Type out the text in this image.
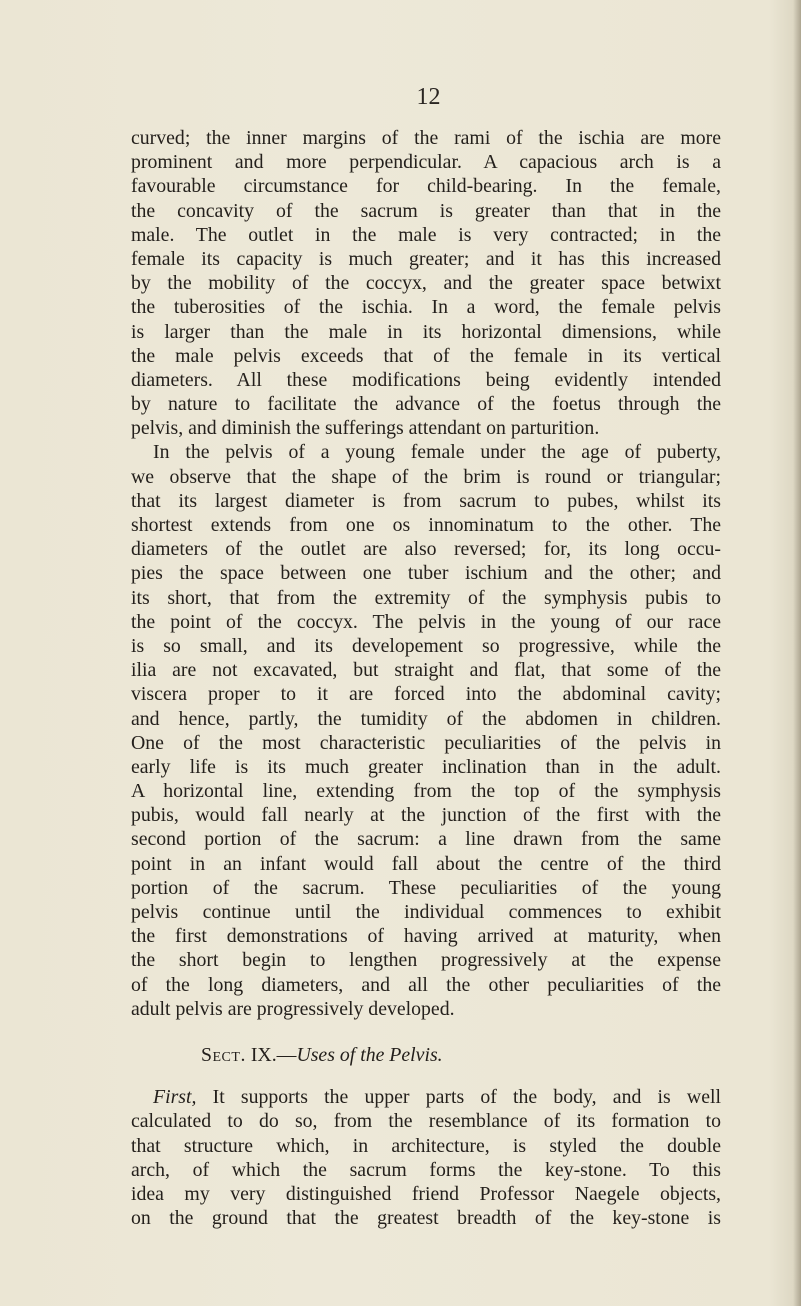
12
curved; the inner margins of the rami of the ischia are more
prominent and more perpendicular. A capacious arch is a
favourable circumstance for child-bearing. In the female,
the concavity of the sacrum is greater than that in the
male. The outlet in the male is very contracted; in the
female its capacity is much greater; and it has this increased
by the mobility of the coccyx, and the greater space betwixt
the tuberosities of the ischia. In a word, the female pelvis
is larger than the male in its horizontal dimensions, while
the male pelvis exceeds that of the female in its vertical
diameters. All these modifications being evidently intended
by nature to facilitate the advance of the foetus through the
pelvis, and diminish the sufferings attendant on parturition.
In the pelvis of a young female under the age of puberty,
we observe that the shape of the brim is round or triangular;
that its largest diameter is from sacrum to pubes, whilst its
shortest extends from one os innominatum to the other. The
diameters of the outlet are also reversed; for, its long occu-
pies the space between one tuber ischium and the other; and
its short, that from the extremity of the symphysis pubis to
the point of the coccyx. The pelvis in the young of our race
is so small, and its developement so progressive, while the
ilia are not excavated, but straight and flat, that some of the
viscera proper to it are forced into the abdominal cavity;
and hence, partly, the tumidity of the abdomen in children.
One of the most characteristic peculiarities of the pelvis in
early life is its much greater inclination than in the adult.
A horizontal line, extending from the top of the symphysis
pubis, would fall nearly at the junction of the first with the
second portion of the sacrum: a line drawn from the same
point in an infant would fall about the centre of the third
portion of the sacrum. These peculiarities of the young
pelvis continue until the individual commences to exhibit
the first demonstrations of having arrived at maturity, when
the short begin to lengthen progressively at the expense
of the long diameters, and all the other peculiarities of the
adult pelvis are progressively developed.
Sect. IX.—Uses of the Pelvis.
First, It supports the upper parts of the body, and is well
calculated to do so, from the resemblance of its formation to
that structure which, in architecture, is styled the double
arch, of which the sacrum forms the key-stone. To this
idea my very distinguished friend Professor Naegele objects,
on the ground that the greatest breadth of the key-stone is
